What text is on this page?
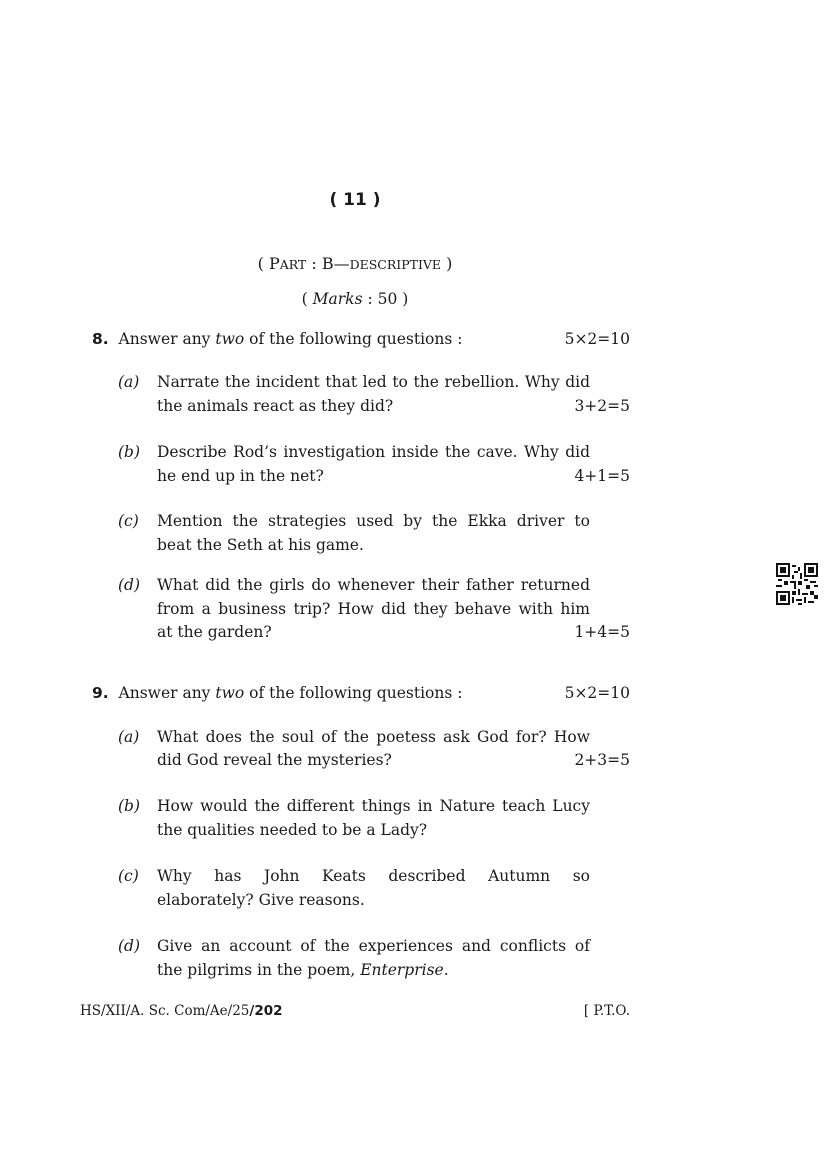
( 11 )
( PART : B—DESCRIPTIVE )
( Marks : 50 )
8. Answer any two of the following questions :	5×2=10
(a) Narrate the incident that led to the rebellion. Why did
the animals react as they did?	3+2=5
(b) Describe Rod’s investigation inside the cave. Why did
he end up in the net?	4+1=5
(c) Mention the strategies used by the Ekka driver to
beat the Seth at his game.
(d) What did the girls do whenever their father returned
from a business trip? How did they behave with him
at the garden?	1+4=5
9. Answer any two of the following questions :	5×2=10
(a) What does the soul of the poetess ask God for? How
did God reveal the mysteries?	2+3=5
(b) How would the different things in Nature teach Lucy
the qualities needed to be a Lady?
(c) Why has John Keats described Autumn so
elaborately? Give reasons.
(d) Give an account of the experiences and conflicts of
the pilgrims in the poem, Enterprise.
HS/XII/A. Sc. Com/Ae/25/202	[ P.T.O.
